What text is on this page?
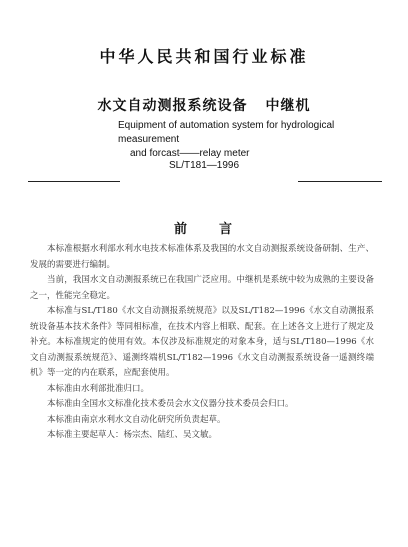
中华人民共和国行业标准
水文自动测报系统设备 中继机
Equipment of automation system for hydrological measurement
and forcast——relay meter
SL/T181—1996
前 言

本标准根据水利部水利水电技术标准体系及我国的水文自动测报系统设备研制、生产、发展的需要进行编制。

当前，我国水文自动测报系统已在我国广泛应用。中继机是系统中较为成熟的主要设备之一，性能完全稳定。

本标准与SL/T180《水文自动测报系统规范》以及SL/T182—1996《水文自动测报系统设备基本技术条件》等同相标准，在技术内容上相联、配套。在上述各文上进行了规定及补充。本标准规定的使用有效。本仅涉及标准规定的对象本身，适与SL/T180—1996《水文自动测报系统规范》、遥测终端机SL/T182—1996《水文自动测报系统设备一遥测终端机》等一定的内在联系，应配套使用。

本标准由水利部批准归口。

本标准由全国水文标准化技术委员会水文仪器分技术委员会归口。

本标准由南京水利水文自动化研究所负责起草。

本标准主要起草人：杨宗杰、陆红、吴文敏。
